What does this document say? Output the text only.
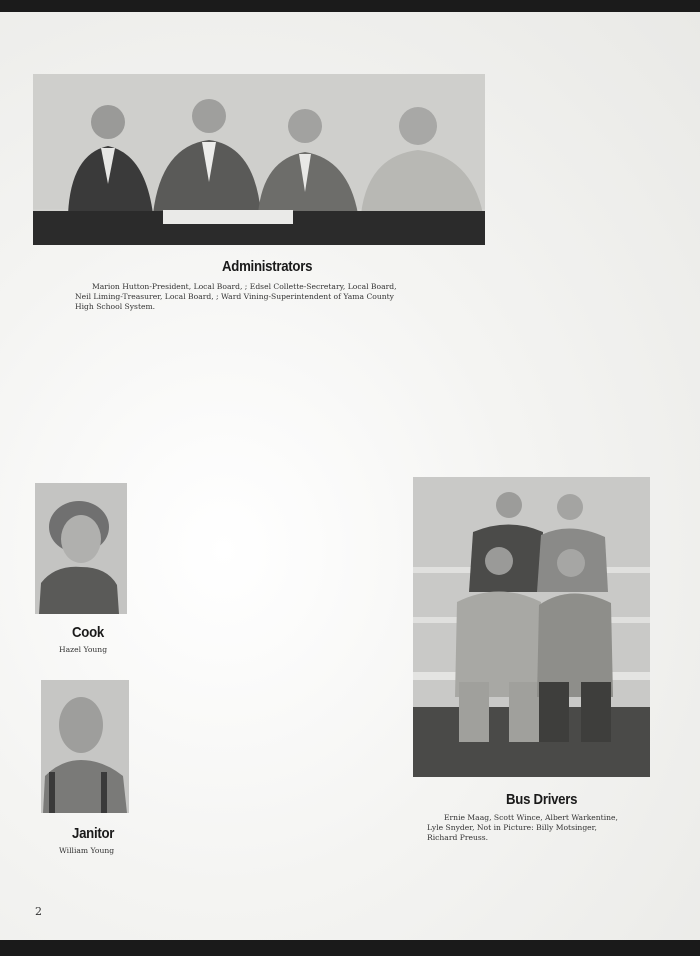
Administrators
Marion Hutton-President, Local Board, ; Edsel Collette-Secretary, Local Board,
Neil Liming-Treasurer, Local Board, ; Ward Vining-Superintendent of Yama County
High School System.
Cook
Hazel Young
Janitor
William Young
Bus Drivers
Ernie Maag, Scott Wince, Albert Warkentine,
Lyle Snyder, Not in Picture: Billy Motsinger,
Richard Preuss.
2
